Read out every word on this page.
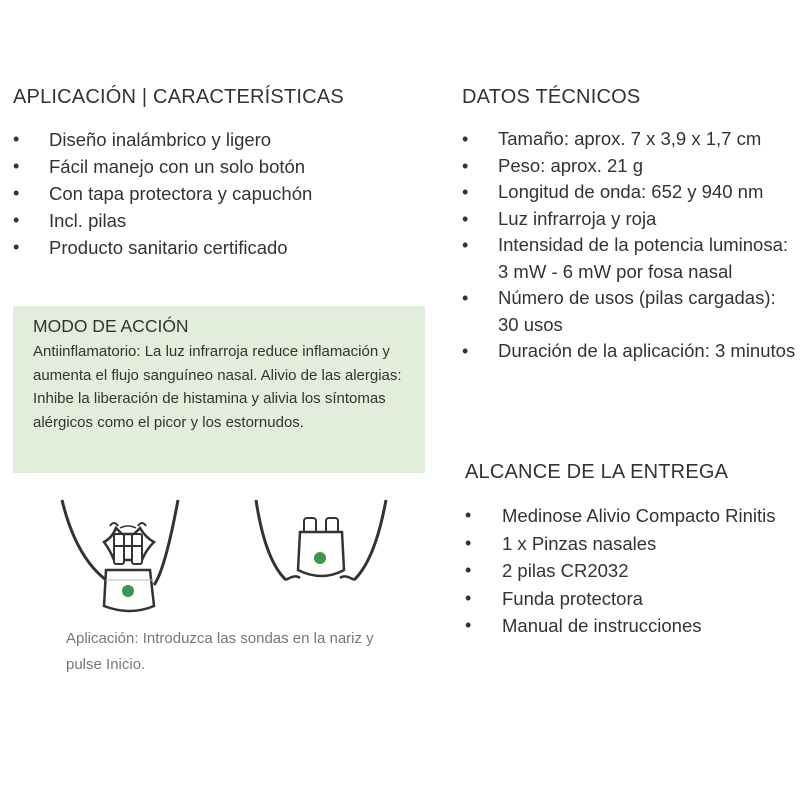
APLICACIÓN | CARACTERÍSTICAS
• Diseño inalámbrico y ligero
• Fácil manejo con un solo botón
• Con tapa protectora y capuchón
• Incl. pilas
• Producto sanitario certificado
DATOS TÉCNICOS
• Tamaño: aprox. 7 x 3,9 x 1,7 cm
• Peso: aprox. 21 g
• Longitud de onda: 652 y 940 nm
• Luz infrarroja y roja
• Intensidad de la potencia luminosa: 3 mW - 6 mW por fosa nasal
• Número de usos (pilas cargadas): 30 usos
• Duración de la aplicación: 3 minutos
MODO DE ACCIÓN
Antiinflamatorio: La luz infrarroja reduce inflamación y aumenta el flujo sanguíneo nasal. Alivio de las alergias: Inhibe la liberación de histamina y alivia los síntomas alérgicos como el picor y los estornudos.
Aplicación: Introduzca las sondas en la nariz y pulse Inicio.
ALCANCE DE LA ENTREGA
• Medinose Alivio Compacto Rinitis
• 1 x Pinzas nasales
• 2 pilas CR2032
• Funda protectora
• Manual de instrucciones
